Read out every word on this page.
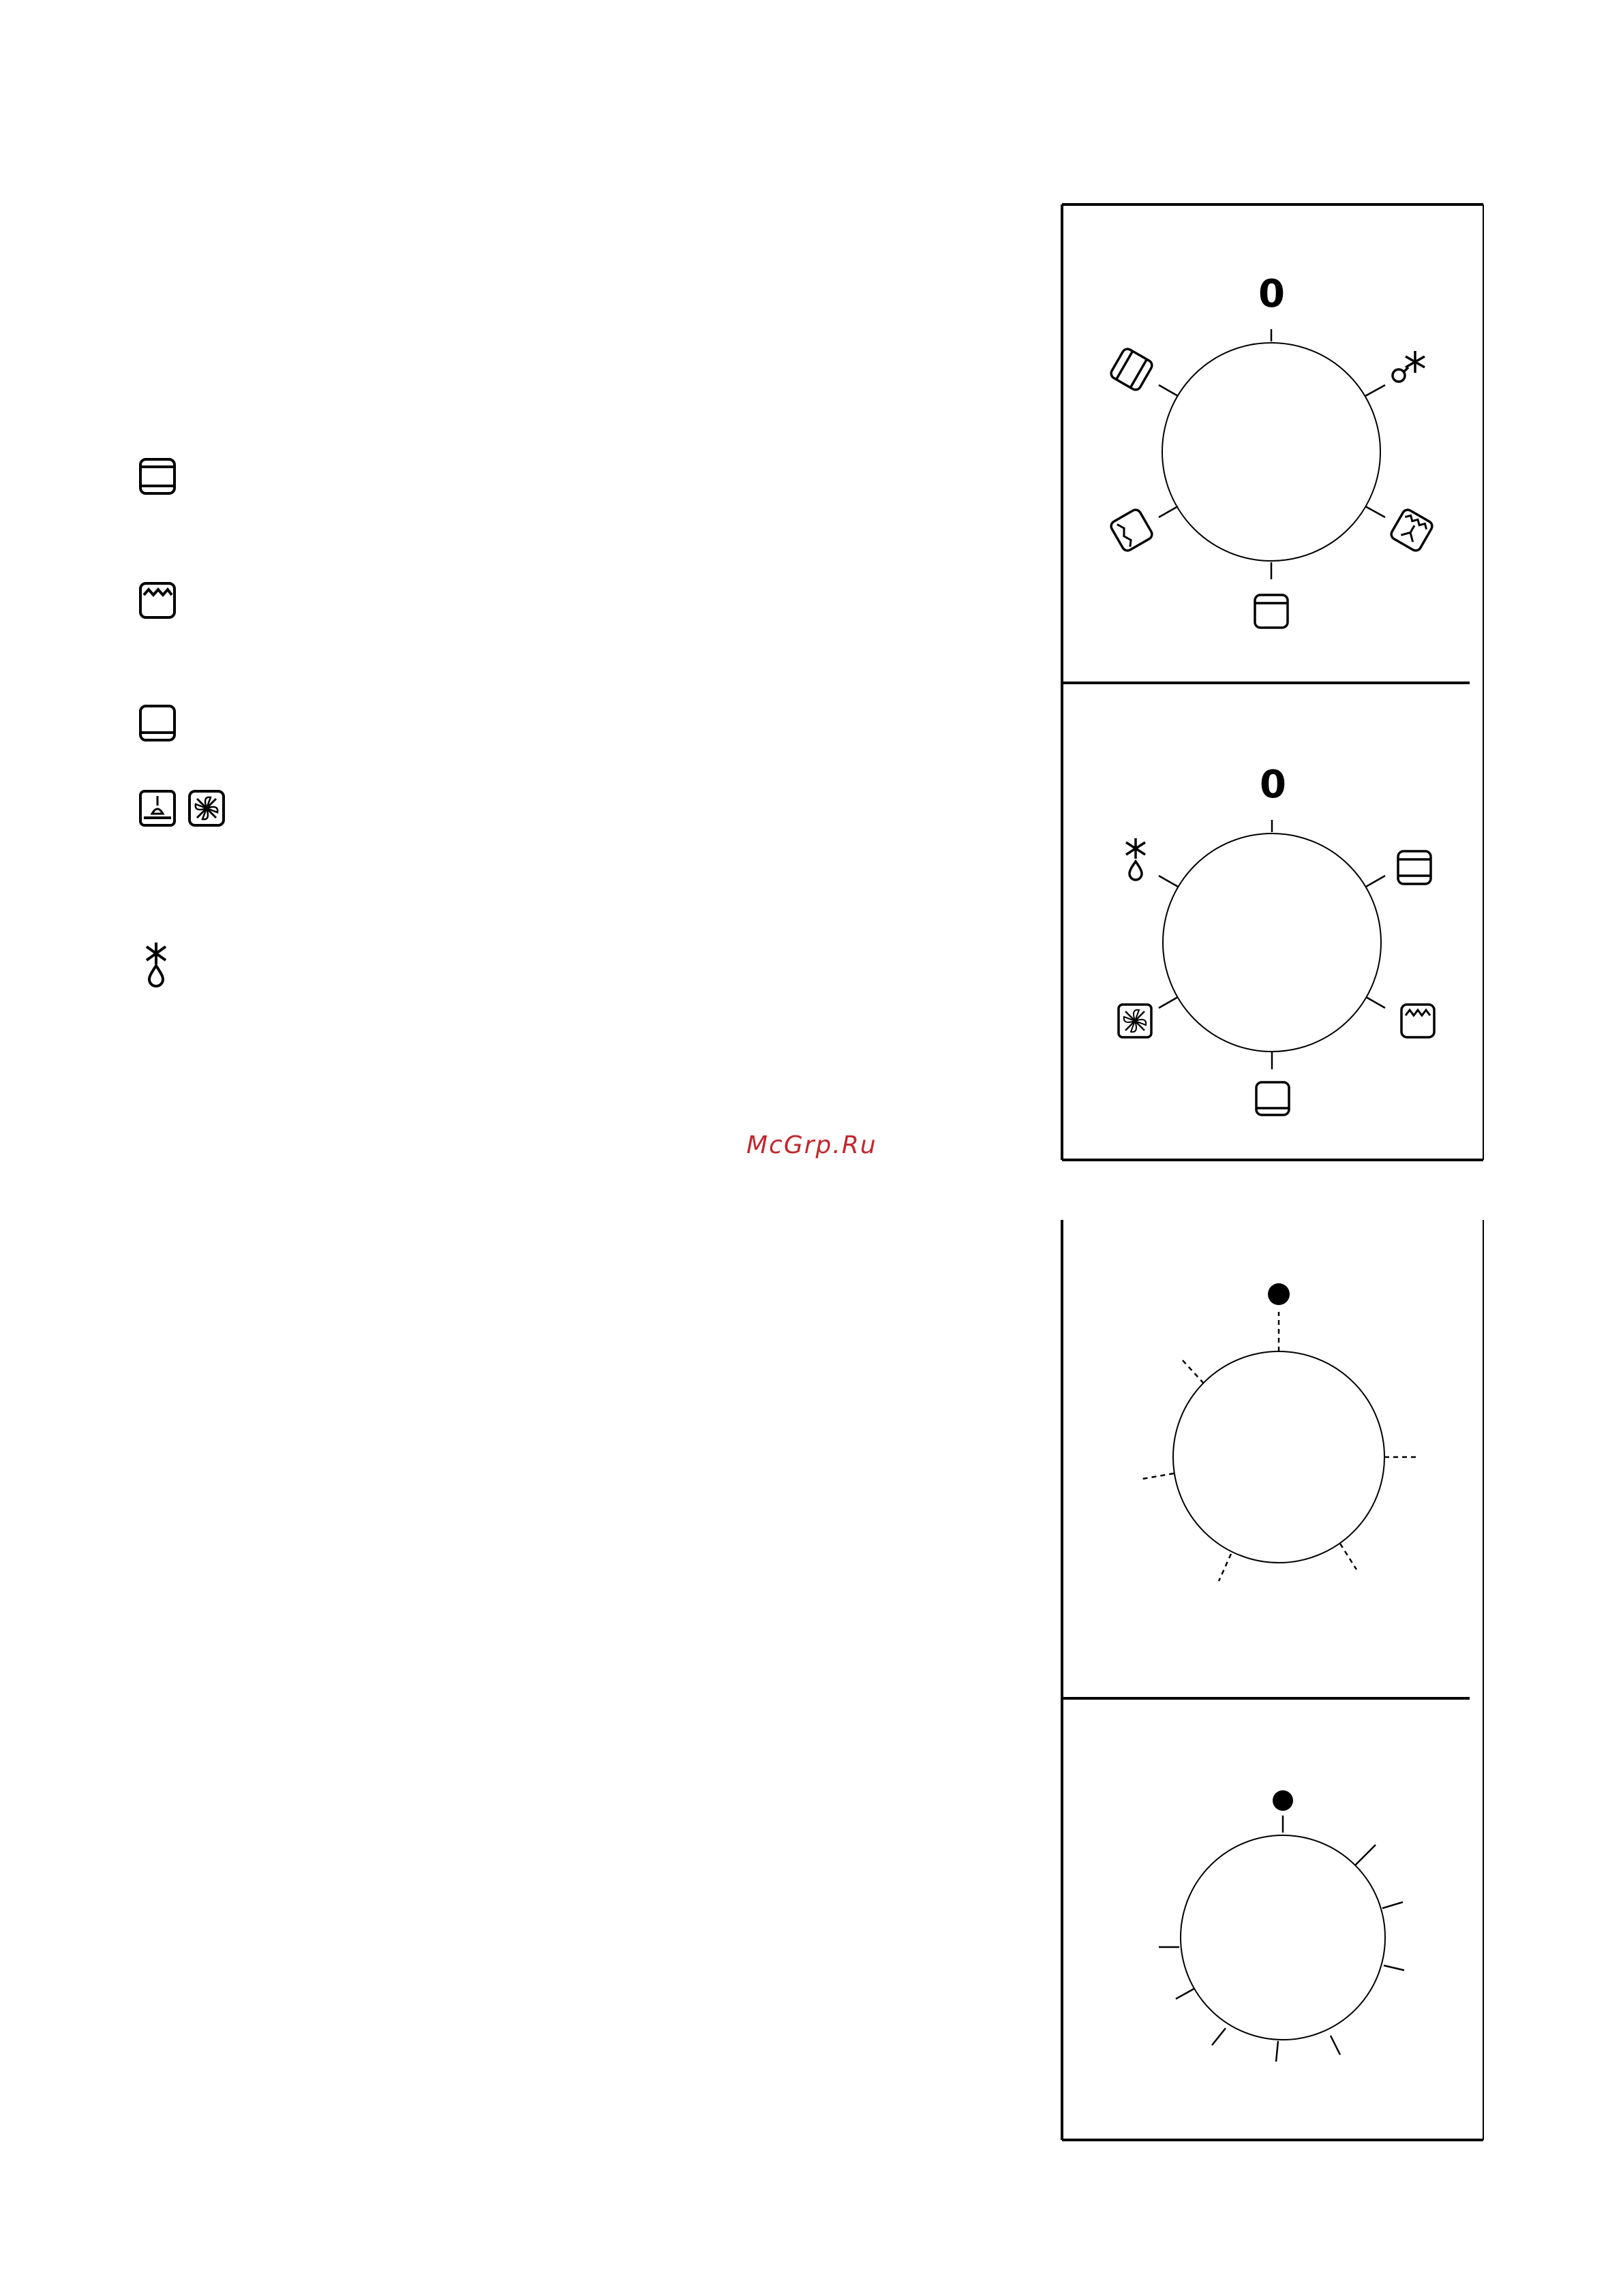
0
0
McGrp.Ru
